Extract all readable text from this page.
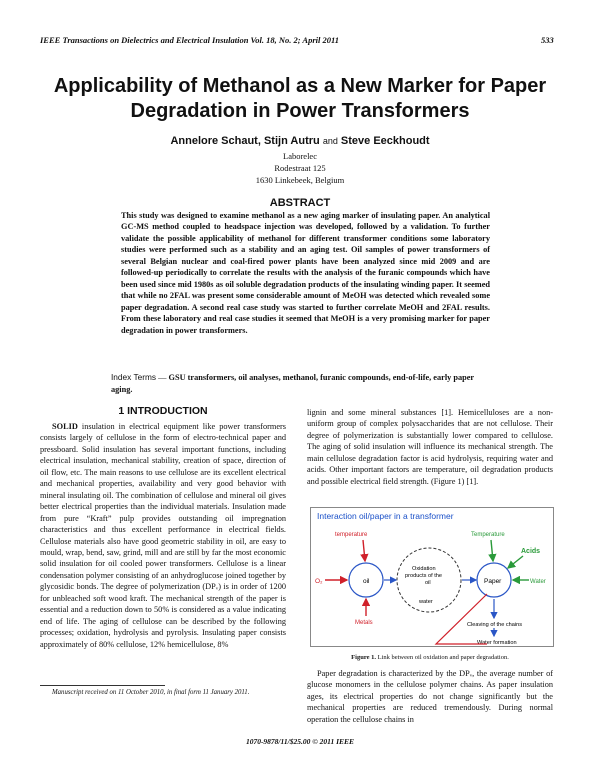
IEEE Transactions on Dielectrics and Electrical Insulation Vol. 18, No. 2; April 2011	533
Applicability of Methanol as a New Marker for Paper
Degradation in Power Transformers
Annelore Schaut, Stijn Autru and Steve Eeckhoudt
Laborelec
Rodestraat 125
1630 Linkebeek, Belgium
ABSTRACT
This study was designed to examine methanol as a new aging marker of insulating paper. An analytical GC-MS method coupled to headspace injection was developed, followed by a validation. To further validate the possible applicability of methanol for different transformer conditions some laboratory studies were performed such as a stability and an aging test. Oil samples of power transformers of several Belgian nuclear and coal-fired power plants have been analyzed since mid 2009 and are followed-up periodically to correlate the results with the analysis of the furanic compounds which have been used since mid 1980s as oil soluble degradation products of the insulating winding paper. It seemed that while no 2FAL was present some considerable amount of MeOH was detected which revealed some paper degradation. A second real case study was started to further correlate MeOH and 2FAL results. From these laboratory and real case studies it seemed that MeOH is a very promising marker for paper degradation in power transformers.
Index Terms — GSU transformers, oil analyses, methanol, furanic compounds, end-of-life, early paper aging.
1 INTRODUCTION
SOLID insulation in electrical equipment like power transformers consists largely of cellulose in the form of electro-technical paper and pressboard. Solid insulation has several important functions, including electrical insulation, mechanical stability, creation of space, direction of oil flow, etc. The main reasons to use cellulose are its excellent electrical and mechanical properties, availability and very good behavior with mineral insulating oil. The combination of cellulose and mineral oil gives better electrical properties than the individual materials. Insulation made from pure “Kraft” pulp provides outstanding oil impregnation characteristics and thus excellent performance in electrical fields. Cellulose materials also have good geometric stability in oil, are easy to mould, wrap, bend, saw, grind, mill and are still by far the most economic solid insulation for oil cooled power transformers. Cellulose is a linear condensation polymer consisting of an anhydroglucose joined together by glycosidic bonds. The degree of polymerization (DPᵥ) is in order of 1200 for unbleached soft wood kraft. The mechanical strength of the paper is essential and a reduction down to 50% is considered as a value indicating end of life. The aging of cellulose can be described by the following processes; oxidation, hydrolysis and pyrolysis. Insulating paper consists approximately of 80% cellulose, 12% hemicellulose, 8%
lignin and some mineral substances [1]. Hemicelluloses are a non-uniform group of complex polysaccharides that are not cellulose. Their degree of polymerization is substantially lower compared to cellulose. The aging of solid insulation will influence its mechanical strength. The main cellulose degradation factor is acid hydrolysis, requiring water and acids. Other important factors are temperature, oil degradation products and possible electrical field strength. (Figure 1) [1].
Interaction oil/paper in a transformer
oil
temperature
O₂
Metals
Oxidation
products of the
oil
water
Paper
Temperature
Acids
Water
Cleaving of the chains
Water formation
Figure 1. Link between oil oxidation and paper degradation.
Paper degradation is characterized by the DPᵥ, the average number of glucose monomers in the cellulose polymer chains. As paper insulation ages, its electrical properties do not change significantly but the mechanical properties are reduced tremendously. During normal operation the cellulose chains in
Manuscript received on 11 October 2010, in final form 11 January 2011.
1070-9878/11/$25.00 © 2011 IEEE
